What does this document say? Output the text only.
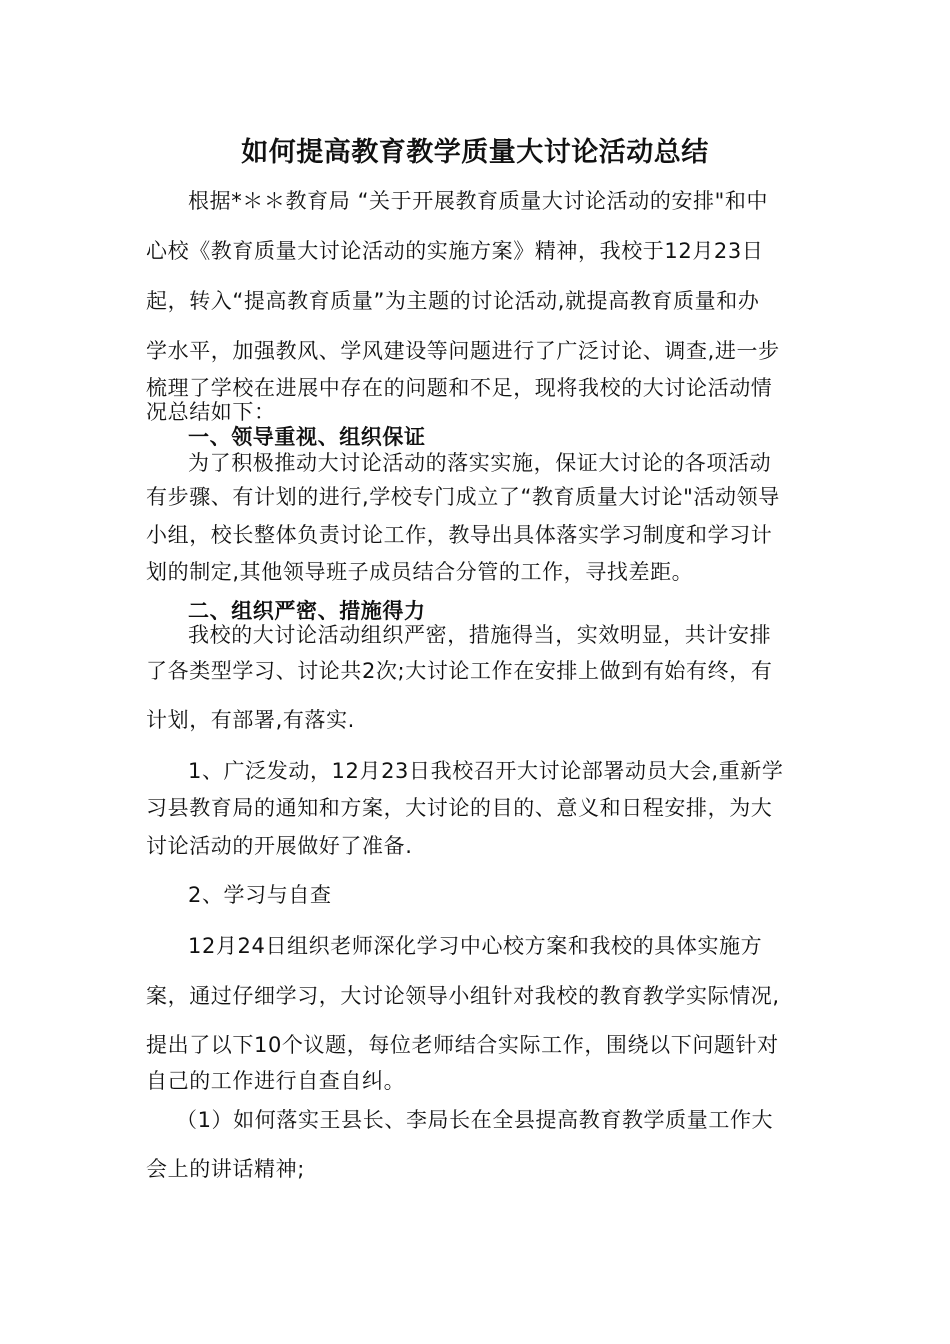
如何提高教育教学质量大讨论活动总结
根据*＊＊教育局 “关于开展教育质量大讨论活动的安排"和中
心校《教育质量大讨论活动的实施方案》精神，我校于12月23日
起，转入“提高教育质量”为主题的讨论活动,就提高教育质量和办
学水平，加强教风、学风建设等问题进行了广泛讨论、调查,进一步
梳理了学校在进展中存在的问题和不足，现将我校的大讨论活动情
况总结如下：
一、领导重视、组织保证
为了积极推动大讨论活动的落实实施，保证大讨论的各项活动
有步骤、有计划的进行,学校专门成立了“教育质量大讨论"活动领导
小组，校长整体负责讨论工作，教导出具体落实学习制度和学习计
划的制定,其他领导班子成员结合分管的工作，寻找差距。
二、组织严密、措施得力
我校的大讨论活动组织严密，措施得当，实效明显，共计安排
了各类型学习、讨论共2次;大讨论工作在安排上做到有始有终，有
计划，有部署,有落实.
1、广泛发动，12月23日我校召开大讨论部署动员大会,重新学
习县教育局的通知和方案，大讨论的目的、意义和日程安排，为大
讨论活动的开展做好了准备.
2、学习与自查
12月24日组织老师深化学习中心校方案和我校的具体实施方
案，通过仔细学习，大讨论领导小组针对我校的教育教学实际情况,
提出了以下10个议题，每位老师结合实际工作，围绕以下问题针对
自己的工作进行自查自纠。
（1）如何落实王县长、李局长在全县提高教育教学质量工作大
会上的讲话精神;
